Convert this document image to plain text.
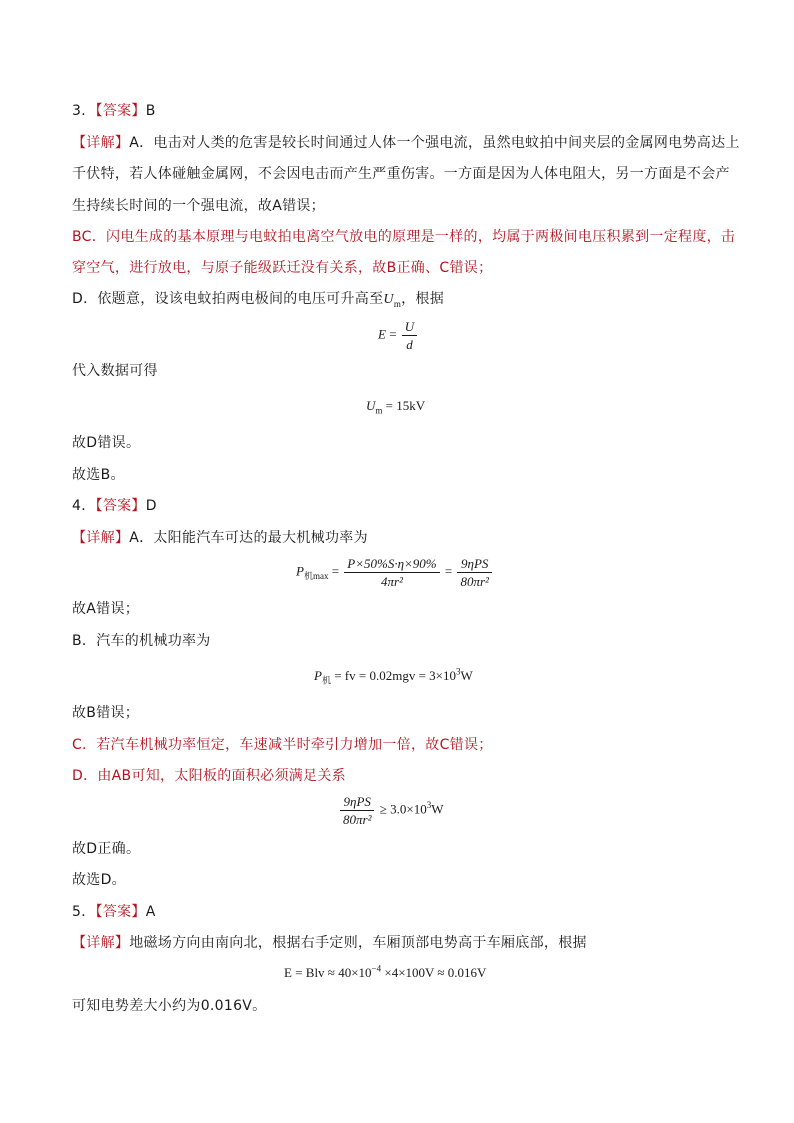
3．【答案】B
【详解】A．电击对人类的危害是较长时间通过人体一个强电流，虽然电蚊拍中间夹层的金属网电势高达上
千伏特，若人体碰触金属网，不会因电击而产生严重伤害。一方面是因为人体电阻大，另一方面是不会产
生持续长时间的一个强电流，故A错误；
BC．闪电生成的基本原理与电蚊拍电离空气放电的原理是一样的，均属于两极间电压积累到一定程度，击
穿空气，进行放电，与原子能级跃迁没有关系，故B正确、C错误；
D．依题意，设该电蚊拍两电极间的电压可升高至$U_m$，根据
$E = \frac{U}{d}$
代入数据可得
$U_m = 15kV$
故D错误。
故选B。
4．【答案】D
【详解】A．太阳能汽车可达的最大机械功率为
$P_{机max} = \frac{P\times 50\%S\cdot\eta\times 90\%}{\text{4πr²}} = \frac{\text{9ηPS}}{\text{80πr²}}$
故A错误；
B．汽车的机械功率为
$P_机$ = fv = $0.02mgv = 3\times 10^3W$
故B错误；
C．若汽车机械功率恒定，车速减半时牵引力增加一倍，故C错误；
D．由AB可知，太阳板的面积必须满足关系
$\frac{\text{9ηPS}}{\text{80πr²}} \ge 3.0\times 10^3W$
故D正确。
故选D。
5．【答案】A
【详解】地磁场方向由南向北，根据右手定则，车厢顶部电势高于车厢底部，根据
E = Blv ≈ $40\times 10^{-4} \times 4\times 100V \approx 0.016V$
可知电势差大小约为0.016V。
